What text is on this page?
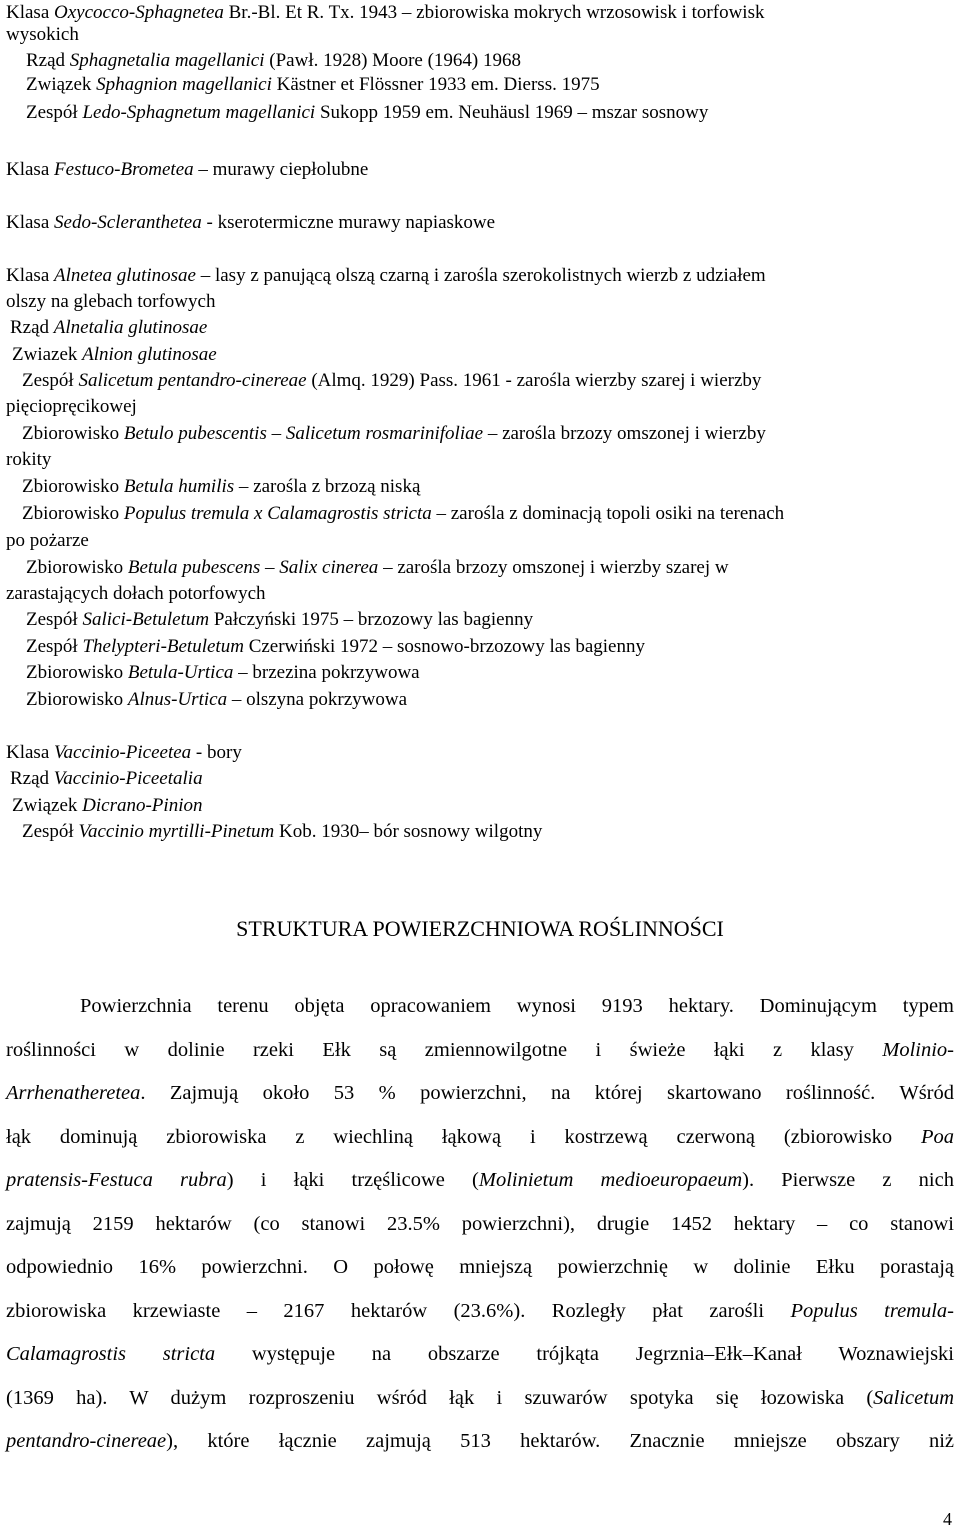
Klasa Oxycocco-Sphagnetea Br.-Bl. Et R. Tx. 1943 – zbiorowiska mokrych wrzosowisk i torfowisk
wysokich
Rząd Sphagnetalia magellanici (Pawł. 1928) Moore (1964) 1968
Związek Sphagnion magellanici Kästner et Flössner 1933 em. Dierss. 1975
Zespół Ledo-Sphagnetum magellanici Sukopp 1959 em. Neuhäusl 1969 – mszar sosnowy
Klasa Festuco-Brometea – murawy ciepłolubne
Klasa Sedo-Scleranthetea - kserotermiczne murawy napiaskowe
Klasa Alnetea glutinosae – lasy z panującą olszą czarną i zarośla szerokolistnych wierzb z udziałem
olszy na glebach torfowych
Rząd Alnetalia glutinosae
Zwiazek Alnion glutinosae
Zespół Salicetum pentandro-cinereae (Almq. 1929) Pass. 1961 - zarośla wierzby szarej i wierzby
pięciopręcikowej
Zbiorowisko Betulo pubescentis – Salicetum rosmarinifoliae – zarośla brzozy omszonej i wierzby
rokity
Zbiorowisko Betula humilis – zarośla z brzozą niską
Zbiorowisko Populus tremula x Calamagrostis stricta – zarośla z dominacją topoli osiki na terenach
po pożarze
Zbiorowisko Betula pubescens – Salix cinerea – zarośla brzozy omszonej i wierzby szarej w
zarastających dołach potorfowych
Zespół Salici-Betuletum Pałczyński 1975 – brzozowy las bagienny
Zespół Thelypteri-Betuletum Czerwiński 1972 – sosnowo-brzozowy las bagienny
Zbiorowisko Betula-Urtica – brzezina pokrzywowa
Zbiorowisko Alnus-Urtica – olszyna pokrzywowa
Klasa Vaccinio-Piceetea - bory
Rząd Vaccinio-Piceetalia
Związek Dicrano-Pinion
Zespół Vaccinio myrtilli-Pinetum Kob. 1930– bór sosnowy wilgotny
STRUKTURA POWIERZCHNIOWA ROŚLINNOŚCI
Powierzchnia terenu objęta opracowaniem wynosi 9193 hektary. Dominującym typem
roślinności w dolinie rzeki Ełk są zmiennowilgotne i świeże łąki z klasy Molinio-
Arrhenatheretea. Zajmują około 53 % powierzchni, na której skartowano roślinność. Wśród
łąk dominują zbiorowiska z wiechliną łąkową i kostrzewą czerwoną (zbiorowisko Poa
pratensis-Festuca rubra) i łąki trzęślicowe (Molinietum medioeuropaeum). Pierwsze z nich
zajmują 2159 hektarów (co stanowi 23.5% powierzchni), drugie 1452 hektary – co stanowi
odpowiednio 16% powierzchni. O połowę mniejszą powierzchnię w dolinie Ełku porastają
zbiorowiska krzewiaste – 2167 hektarów (23.6%). Rozległy płat zarośli Populus tremula-
Calamagrostis stricta występuje na obszarze trójkąta Jegrznia–Ełk–Kanał Woznawiejski
(1369 ha). W dużym rozproszeniu wśród łąk i szuwarów spotyka się łozowiska (Salicetum
pentandro-cinereae), które łącznie zajmują 513 hektarów. Znacznie mniejsze obszary niż
4
